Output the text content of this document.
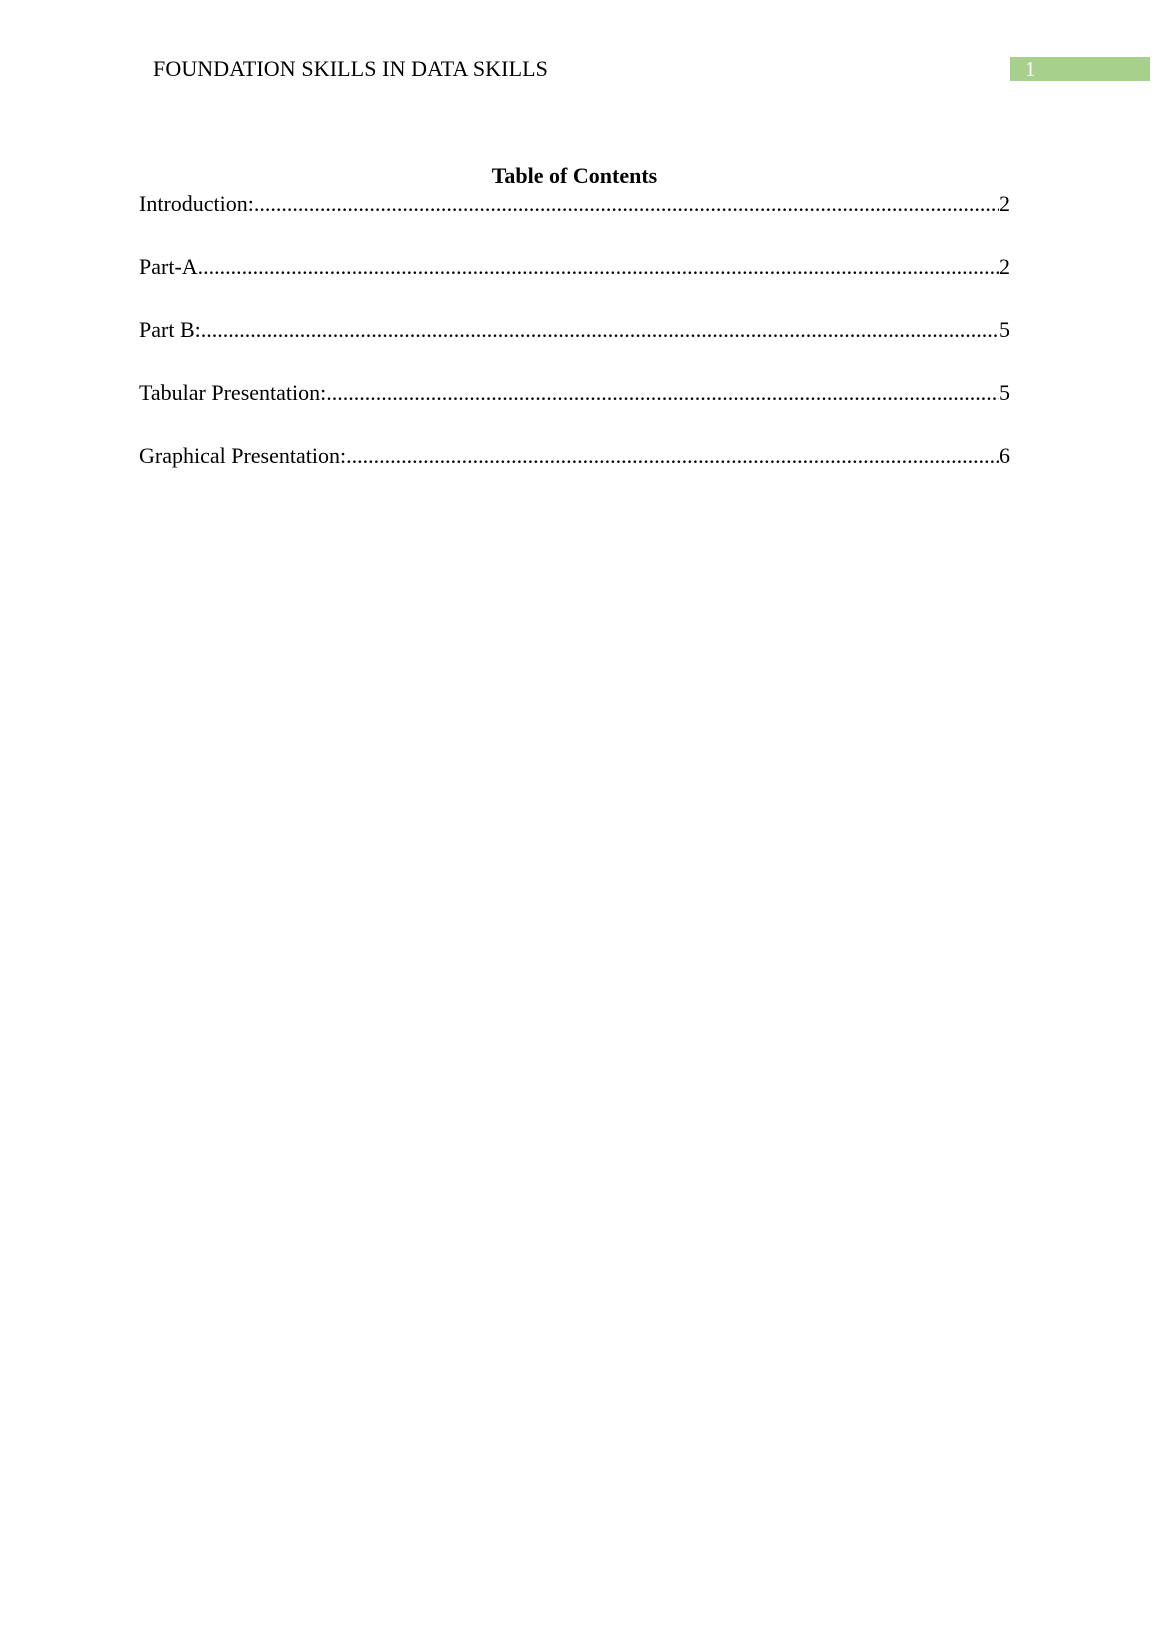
FOUNDATION SKILLS IN DATA SKILLS	1
Table of Contents
Introduction: .....	2
Part-A .....	2
Part B: .....	5
Tabular Presentation: .....	5
Graphical Presentation: .....	6
